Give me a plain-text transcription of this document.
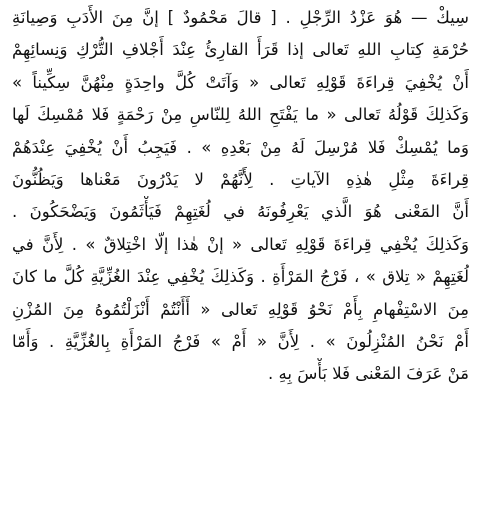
سِيكْ — هُوَ عَزْدُ الرِّجْلِ . [ قالَ مَحْمُودٌ ] إنَّ مِنَ الأَدَبِ وَصِيانَةِ
حُرْمَةِ كِتابِ اللهِ تَعالى إذا قَرَأَ القارِئُ عِنْدَ أَجْلافِ التُّرْكِ وَنِسائِهِمْ
أَنْ يُخْفِيَ قِراءَةَ قَوْلِهِ تَعالى « وَآتَتْ كُلَّ واحِدَةٍ مِنْهُنَّ سِكِّيناً »
وَكَذلِكَ قَوْلُهُ تَعالى « ما يَفْتَحِ اللهُ لِلنّاسِ مِنْ رَحْمَةٍ فَلا مُمْسِكَ لَها
وَما يُمْسِكْ فَلا مُرْسِلَ لَهُ مِنْ بَعْدِهِ » . فَيَجِبُ أَنْ يُخْفِيَ عِنْدَهُمْ
قِراءَةَ مِثْلِ هٰذِهِ الآياتِ . لِأَنَّهُمْ لا يَدْرُونَ مَعْناها وَيَظُنُّونَ
أَنَّ المَعْنى هُوَ الَّذي يَعْرِفُونَهُ في لُغَتِهِمْ فَيَأْثَمُونَ وَيَضْحَكُونَ .
وَكَذلِكَ يُخْفِي قِراءَةَ قَوْلِهِ تَعالى « إنْ هٰذا إلّا اخْتِلاقٌ » . لِأَنَّ في
لُغَتِهِمْ « تِلاق » ، فَرْجُ المَرْأَةِ . وَكَذلِكَ يُخْفِي عِنْدَ الغُزِّيَّةِ كُلَّ ما كانَ
مِنَ الاسْتِفْهامِ بِأَمْ نَحْوُ قَوْلِهِ تَعالى « أَأَنْتُمْ أَنْزَلْتُمُوهُ مِنَ المُزْنِ
أَمْ نَحْنُ المُنْزِلُونَ » . لِأَنَّ « أَمْ » فَرْجُ المَرْأَةِ بِالغُزِّيَّةِ . وَأَمّا
مَنْ عَرَفَ المَعْنى فَلا بَأْسَ بِهِ .
